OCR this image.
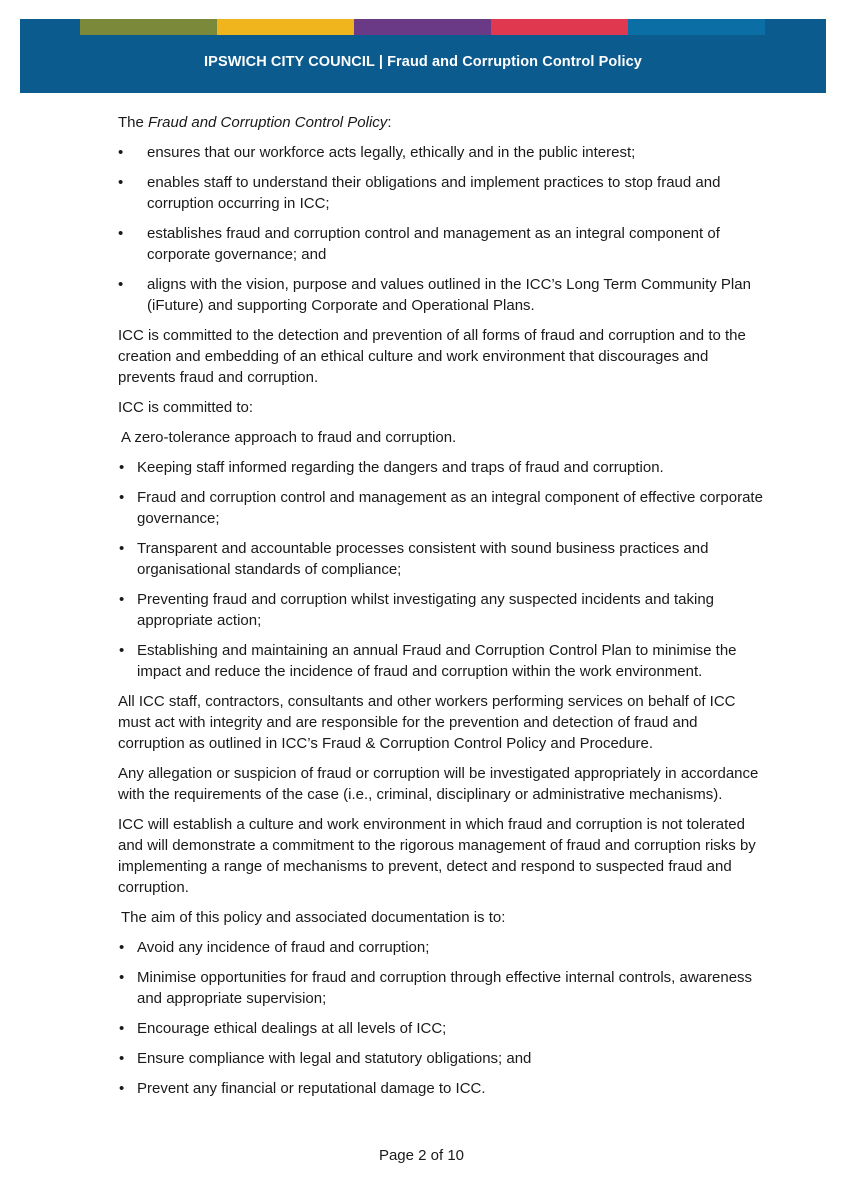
IPSWICH CITY COUNCIL | Fraud and Corruption Control Policy

The Fraud and Corruption Control Policy:

• ensures that our workforce acts legally, ethically and in the public interest;
• enables staff to understand their obligations and implement practices to stop fraud and corruption occurring in ICC;
• establishes fraud and corruption control and management as an integral component of corporate governance; and
• aligns with the vision, purpose and values outlined in the ICC’s Long Term Community Plan (iFuture) and supporting Corporate and Operational Plans.

ICC is committed to the detection and prevention of all forms of fraud and corruption and to the creation and embedding of an ethical culture and work environment that discourages and prevents fraud and corruption.

ICC is committed to:

A zero-tolerance approach to fraud and corruption.

• Keeping staff informed regarding the dangers and traps of fraud and corruption.
• Fraud and corruption control and management as an integral component of effective corporate governance;
• Transparent and accountable processes consistent with sound business practices and organisational standards of compliance;
• Preventing fraud and corruption whilst investigating any suspected incidents and taking appropriate action;
• Establishing and maintaining an annual Fraud and Corruption Control Plan to minimise the impact and reduce the incidence of fraud and corruption within the work environment.

All ICC staff, contractors, consultants and other workers performing services on behalf of ICC must act with integrity and are responsible for the prevention and detection of fraud and corruption as outlined in ICC’s Fraud & Corruption Control Policy and Procedure.

Any allegation or suspicion of fraud or corruption will be investigated appropriately in accordance with the requirements of the case (i.e., criminal, disciplinary or administrative mechanisms).

ICC will establish a culture and work environment in which fraud and corruption is not tolerated and will demonstrate a commitment to the rigorous management of fraud and corruption risks by implementing a range of mechanisms to prevent, detect and respond to suspected fraud and corruption.

The aim of this policy and associated documentation is to:

• Avoid any incidence of fraud and corruption;
• Minimise opportunities for fraud and corruption through effective internal controls, awareness and appropriate supervision;
• Encourage ethical dealings at all levels of ICC;
• Ensure compliance with legal and statutory obligations; and
• Prevent any financial or reputational damage to ICC.
Page 2 of 10
